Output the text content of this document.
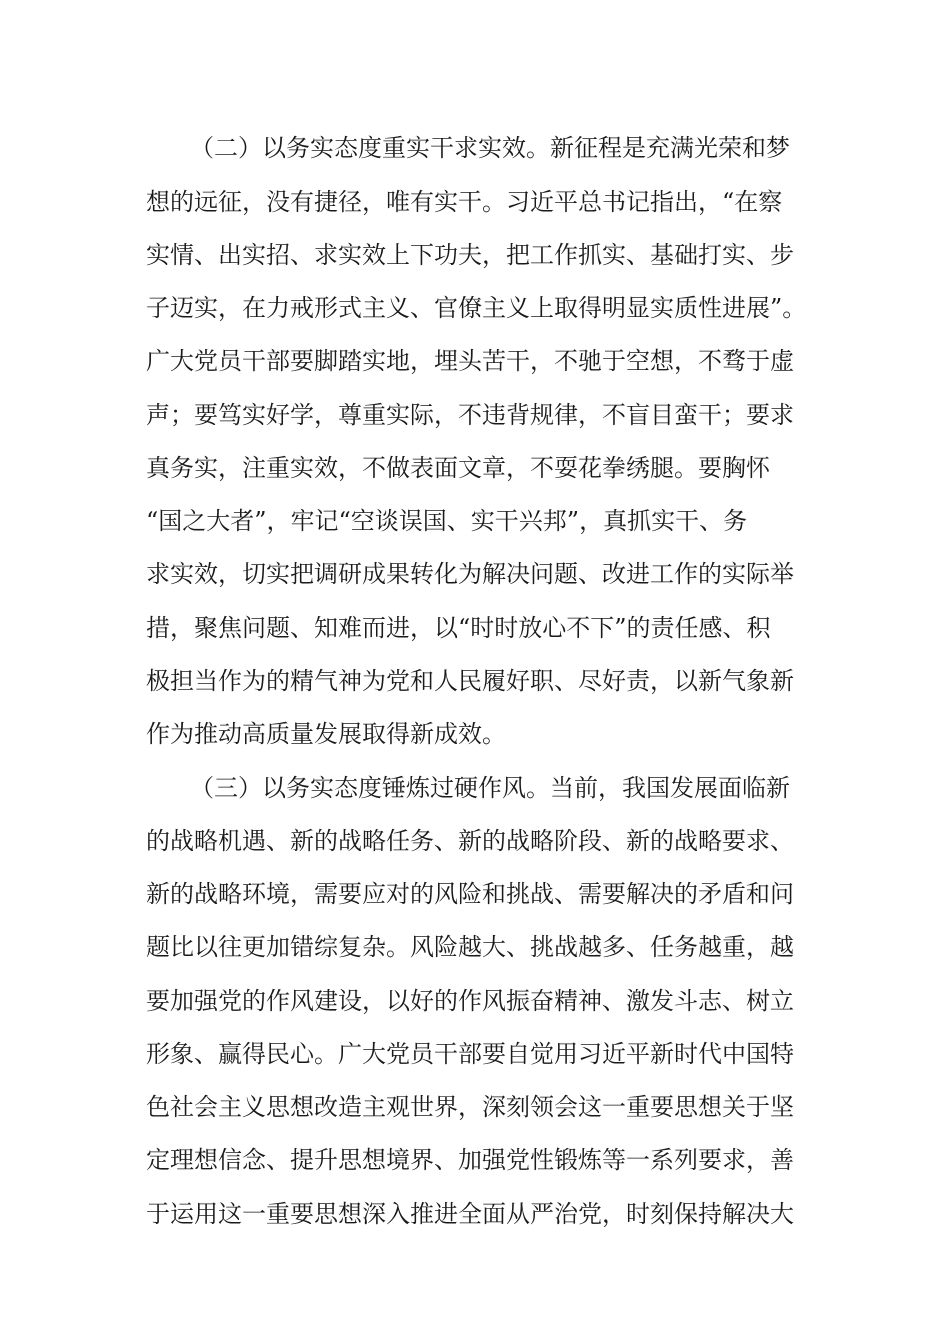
（二）以务实态度重实干求实效。新征程是充满光荣和梦
想的远征，没有捷径，唯有实干。习近平总书记指出，“在察
实情、出实招、求实效上下功夫，把工作抓实、基础打实、步
子迈实，在力戒形式主义、官僚主义上取得明显实质性进展”。
广大党员干部要脚踏实地，埋头苦干，不驰于空想，不骛于虚
声；要笃实好学，尊重实际，不违背规律，不盲目蛮干；要求
真务实，注重实效，不做表面文章，不耍花拳绣腿。要胸怀
“国之大者”，牢记“空谈误国、实干兴邦”，真抓实干、务
求实效，切实把调研成果转化为解决问题、改进工作的实际举
措，聚焦问题、知难而进，以“时时放心不下”的责任感、积
极担当作为的精气神为党和人民履好职、尽好责，以新气象新
作为推动高质量发展取得新成效。
（三）以务实态度锤炼过硬作风。当前，我国发展面临新
的战略机遇、新的战略任务、新的战略阶段、新的战略要求、
新的战略环境，需要应对的风险和挑战、需要解决的矛盾和问
题比以往更加错综复杂。风险越大、挑战越多、任务越重，越
要加强党的作风建设，以好的作风振奋精神、激发斗志、树立
形象、赢得民心。广大党员干部要自觉用习近平新时代中国特
色社会主义思想改造主观世界，深刻领会这一重要思想关于坚
定理想信念、提升思想境界、加强党性锻炼等一系列要求，善
于运用这一重要思想深入推进全面从严治党，时刻保持解决大
